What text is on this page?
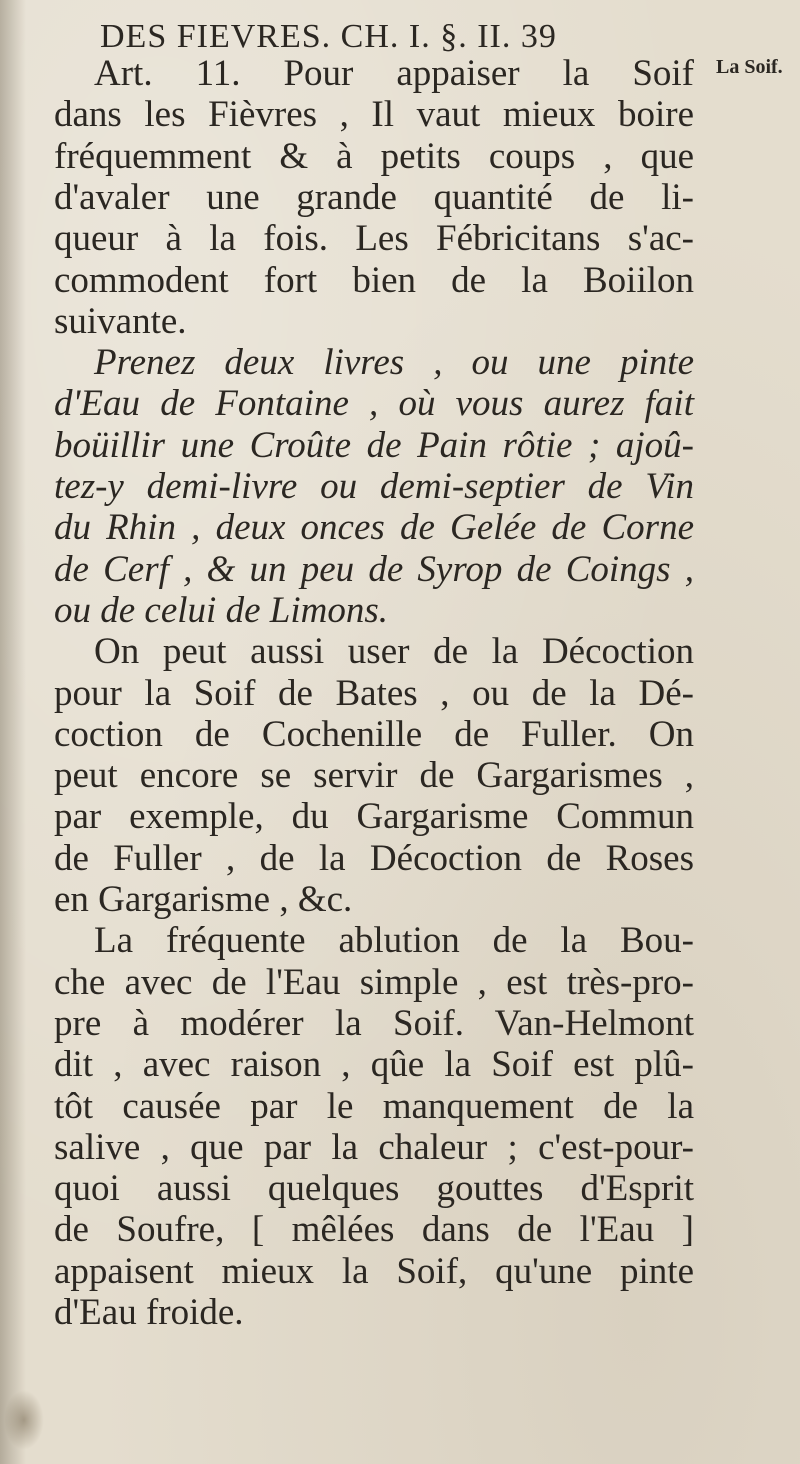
DES FIEVRES. CH. I. §. II. 39
La Soif.
Art. 11. Pour appaiser la Soif
dans les Fièvres , Il vaut mieux boire
fréquemment & à petits coups , que
d'avaler une grande quantité de li-
queur à la fois. Les Fébricitans s'ac-
commodent fort bien de la Boiilon
suivante.
Prenez deux livres , ou une pinte
d'Eau de Fontaine , où vous aurez fait
boüillir une Croûte de Pain rôtie ; ajoû-
tez-y demi-livre ou demi-septier de Vin
du Rhin , deux onces de Gelée de Corne
de Cerf , & un peu de Syrop de Coings ,
ou de celui de Limons.
On peut aussi user de la Décoction
pour la Soif de Bates , ou de la Dé-
coction de Cochenille de Fuller. On
peut encore se servir de Gargarismes ,
par exemple, du Gargarisme Commun
de Fuller , de la Décoction de Roses
en Gargarisme , &c.
La fréquente ablution de la Bou-
che avec de l'Eau simple , est très-pro-
pre à modérer la Soif. Van-Helmont
dit , avec raison , qûe la Soif est plû-
tôt causée par le manquement de la
salive , que par la chaleur ; c'est-pour-
quoi aussi quelques gouttes d'Esprit
de Soufre, [ mêlées dans de l'Eau ]
appaisent mieux la Soif, qu'une pinte
d'Eau froide.
